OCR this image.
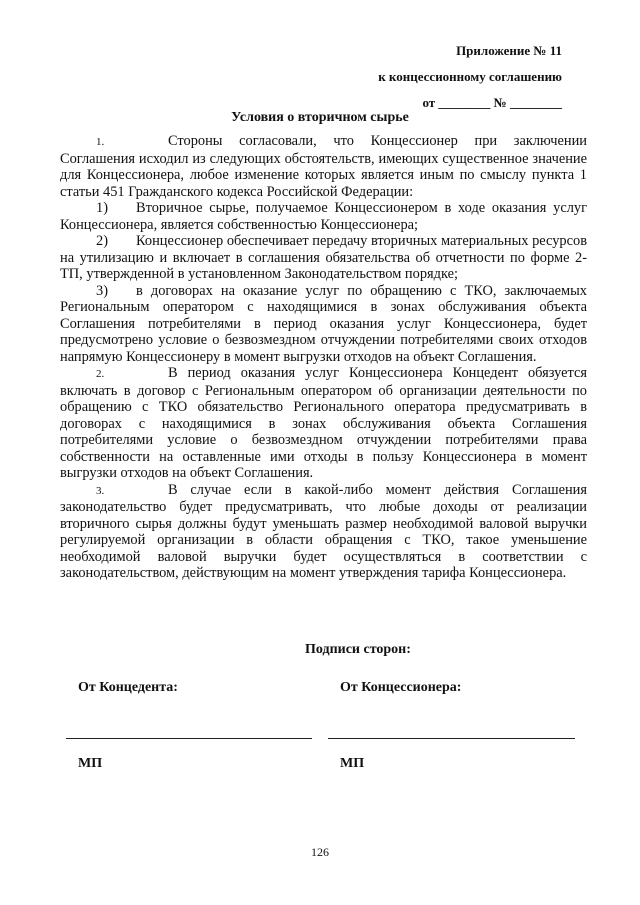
Приложение № 11
к концессионному соглашению
от ________ № ________
Условия о вторичном сырье

1.	Стороны согласовали, что Концессионер при заключении Соглашения исходил из следующих обстоятельств, имеющих существенное значение для Концессионера, любое изменение которых является иным по смыслу пункта 1 статьи 451 Гражданского кодекса Российской Федерации:

1) Вторичное сырье, получаемое Концессионером в ходе оказания услуг Концессионера, является собственностью Концессионера;

2) Концессионер обеспечивает передачу вторичных материальных ресурсов на утилизацию и включает в соглашения обязательства об отчетности по форме 2-ТП, утвержденной в установленном Законодательством порядке;

3) в договорах на оказание услуг по обращению с ТКО, заключаемых Региональным оператором с находящимися в зонах обслуживания объекта Соглашения потребителями в период оказания услуг Концессионера, будет предусмотрено условие о безвозмездном отчуждении потребителями своих отходов напрямую Концессионеру в момент выгрузки отходов на объект Соглашения.

2.	В период оказания услуг Концессионера Концедент обязуется включать в договор с Региональным оператором об организации деятельности по обращению с ТКО обязательство Регионального оператора предусматривать в договорах с находящимися в зонах обслуживания объекта Соглашения потребителями условие о безвозмездном отчуждении потребителями права собственности на оставленные ими отходы в пользу Концессионера в момент выгрузки отходов на объект Соглашения.

3.	В случае если в какой-либо момент действия Соглашения законодательство будет предусматривать, что любые доходы от реализации вторичного сырья должны будут уменьшать размер необходимой валовой выручки регулируемой организации в области обращения с ТКО, такое уменьшение необходимой валовой выручки будет осуществляться в соответствии с законодательством, действующим на момент утверждения тарифа Концессионера.

Подписи сторон:
От Концедента:	От Концессионера:
МП	МП
126
